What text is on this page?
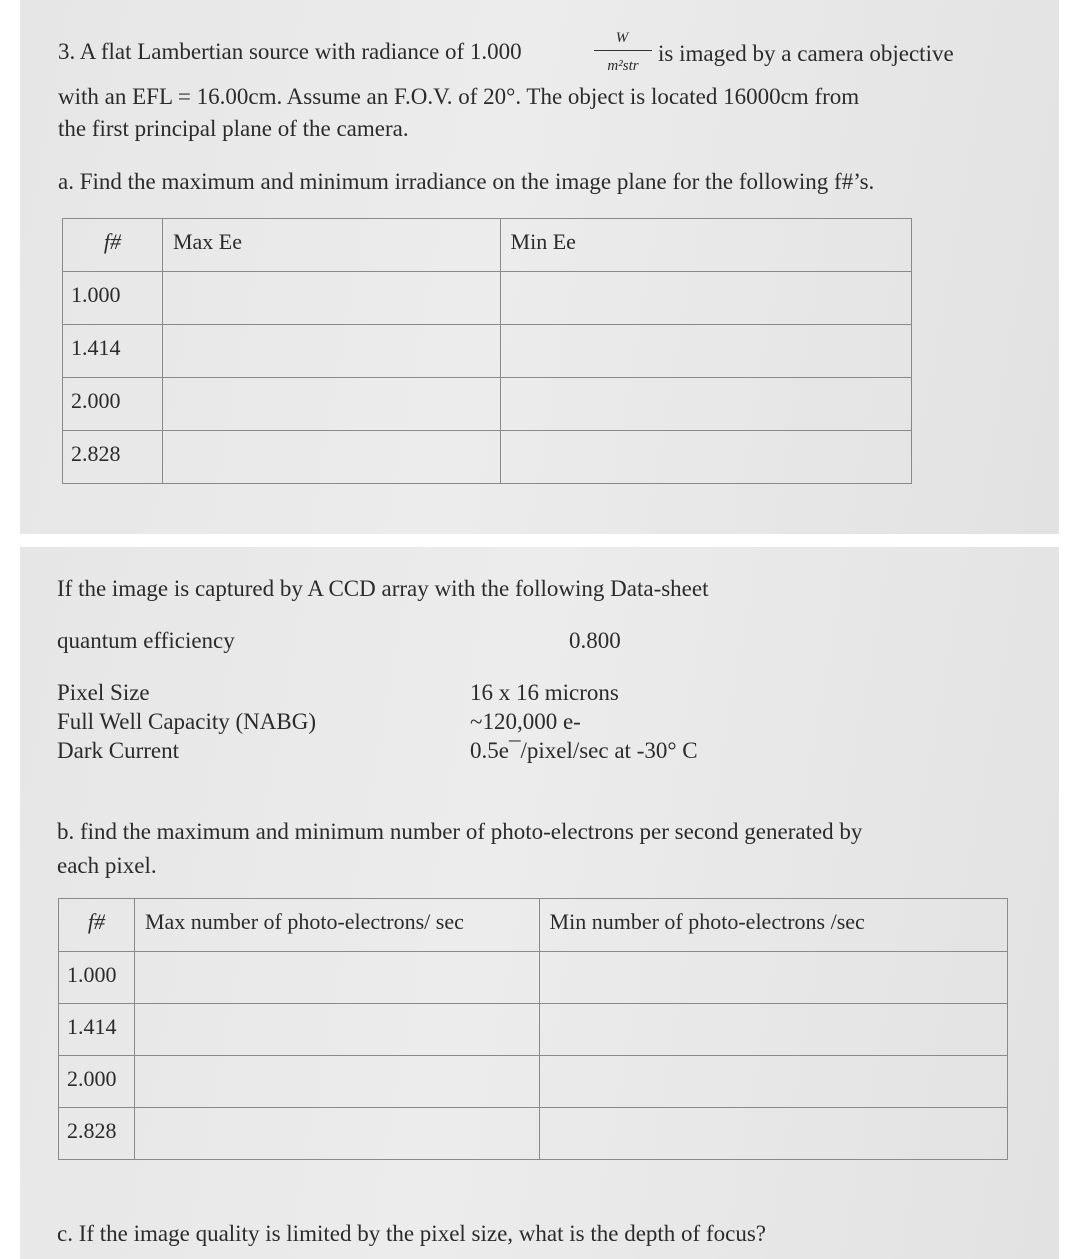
3. A flat Lambertian source with radiance of 1.000
W
m²str is imaged by a camera objective
with an EFL = 16.00cm. Assume an F.O.V. of 20°. The object is located 16000cm from
the first principal plane of the camera.
a. Find the maximum and minimum irradiance on the image plane for the following f#’s.
f#	Max Ee	Min Ee
1.000		
1.414		
2.000		
2.828		
If the image is captured by A CCD array with the following Data-sheet
quantum efficiency	0.800
Pixel Size	16 x 16 microns
Full Well Capacity (NABG)	~120,000 e-
Dark Current	0.5e¯/pixel/sec at -30° C
b. find the maximum and minimum number of photo-electrons per second generated by
each pixel.
f#	Max number of photo-electrons/ sec	Min number of photo-electrons /sec
1.000		
1.414		
2.000		
2.828		
c. If the image quality is limited by the pixel size, what is the depth of focus?
